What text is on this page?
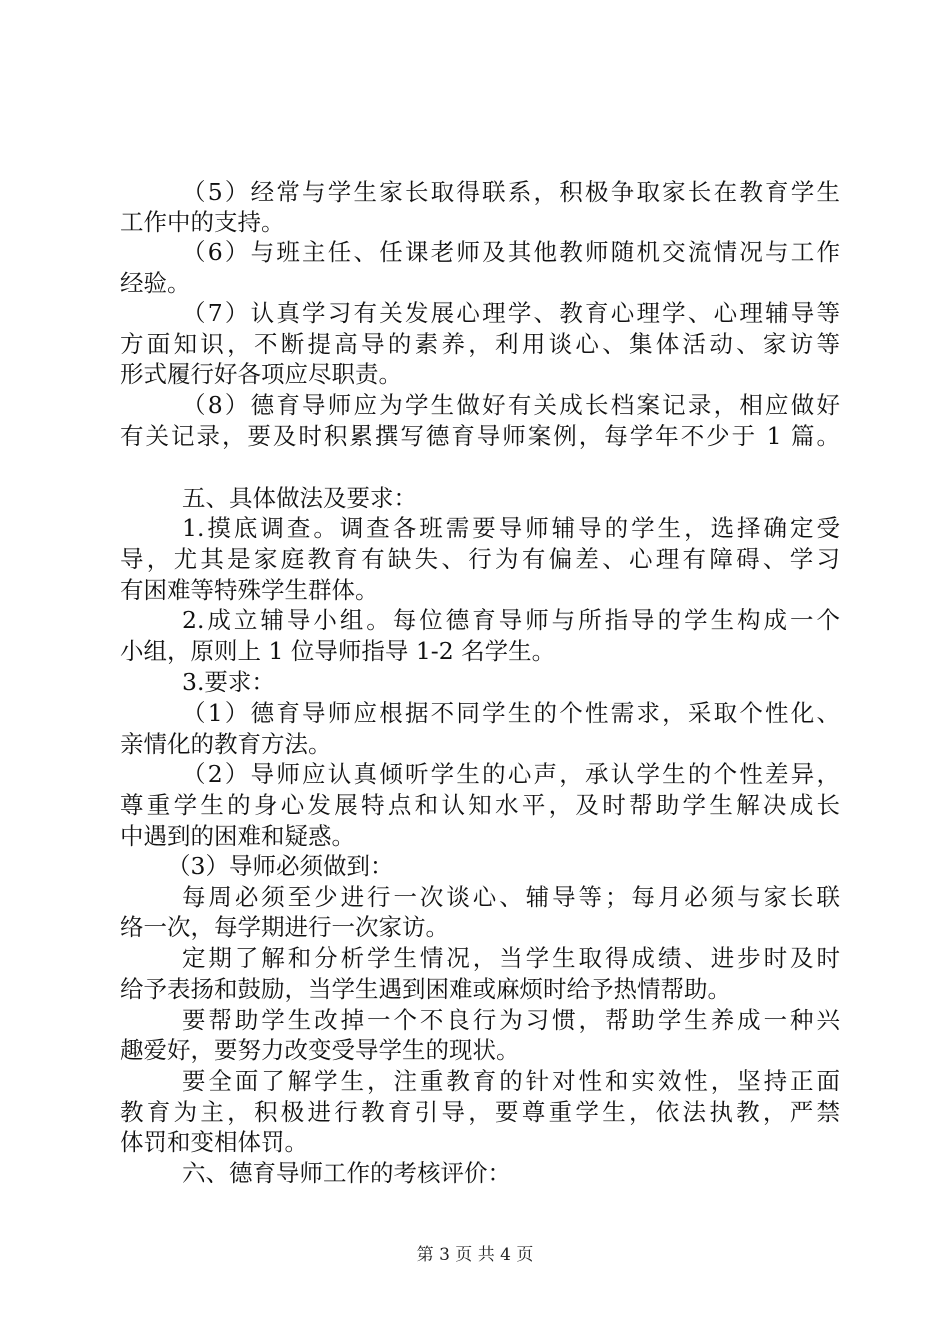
（5）经常与学生家长取得联系，积极争取家长在教育学生
工作中的支持。
（6）与班主任、任课老师及其他教师随机交流情况与工作
经验。
（7）认真学习有关发展心理学、教育心理学、心理辅导等
方面知识，不断提高导的素养，利用谈心、集体活动、家访等
形式履行好各项应尽职责。
（8）德育导师应为学生做好有关成长档案记录，相应做好
有关记录，要及时积累撰写德育导师案例，每学年不少于 1 篇。
五、具体做法及要求：
1.摸底调查。调查各班需要导师辅导的学生，选择确定受
导，尤其是家庭教育有缺失、行为有偏差、心理有障碍、学习
有困难等特殊学生群体。
2.成立辅导小组。每位德育导师与所指导的学生构成一个
小组，原则上 1 位导师指导 1-2 名学生。
3.要求：
（1）德育导师应根据不同学生的个性需求，采取个性化、
亲情化的教育方法。
（2）导师应认真倾听学生的心声，承认学生的个性差异，
尊重学生的身心发展特点和认知水平，及时帮助学生解决成长
中遇到的困难和疑惑。
（3）导师必须做到：
每周必须至少进行一次谈心、辅导等；每月必须与家长联
络一次，每学期进行一次家访。
定期了解和分析学生情况，当学生取得成绩、进步时及时
给予表扬和鼓励，当学生遇到困难或麻烦时给予热情帮助。
要帮助学生改掉一个不良行为习惯，帮助学生养成一种兴
趣爱好，要努力改变受导学生的现状。
要全面了解学生，注重教育的针对性和实效性，坚持正面
教育为主，积极进行教育引导，要尊重学生，依法执教，严禁
体罚和变相体罚。
六、德育导师工作的考核评价：
第 3 页 共 4 页
